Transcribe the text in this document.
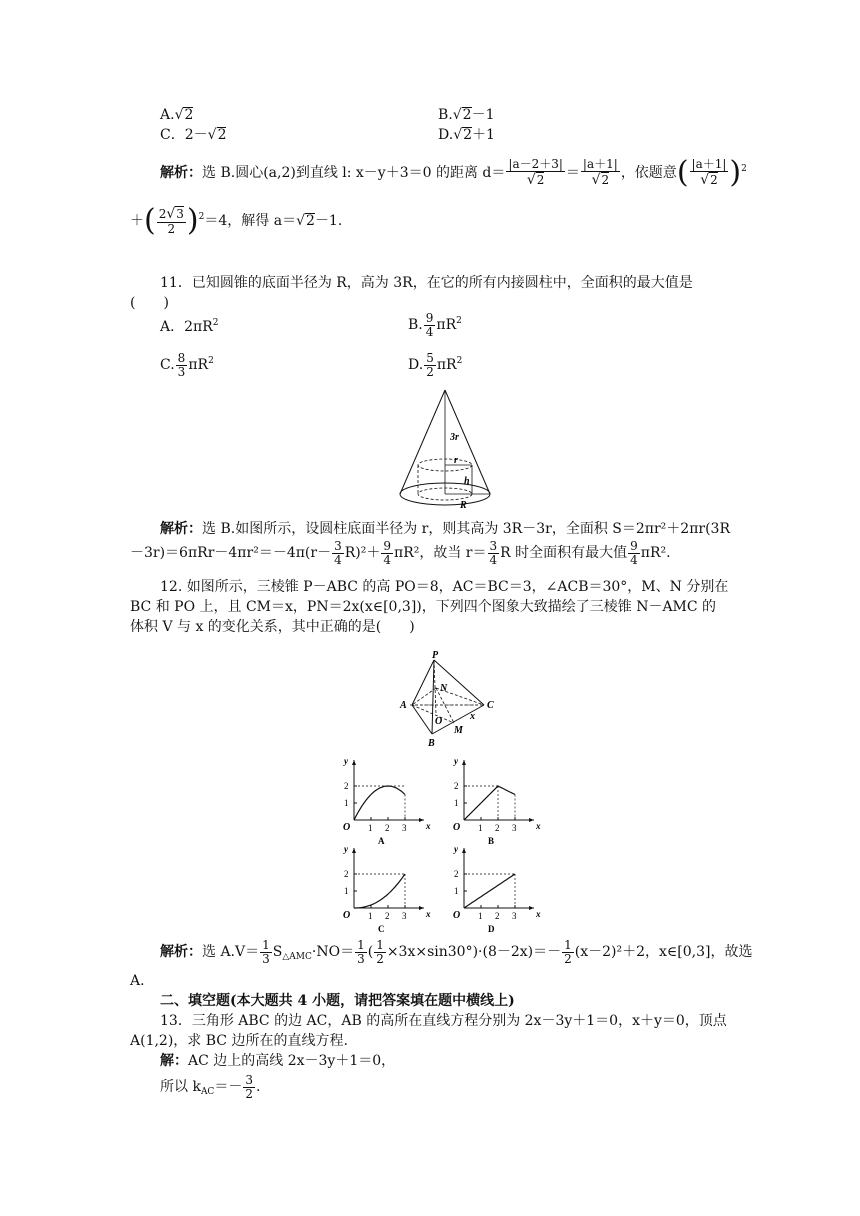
A.√2	B.√2－1
C．2－√2	D.√2＋1
解析：选 B.圆心(a,2)到直线 l: x－y＋3＝0 的距离 $d= \frac{|a-2+3|}{√2} = \frac{|a+1|}{√2}$ ，依题意( $\frac{|a+1|}{√2} )^2$
＋( $\frac{2√3}{2} )^2=4$，解得 a＝√2－1.
11．已知圆锥的底面半径为 R，高为 3R，在它的所有内接圆柱中，全面积的最大值是
(　　)
A．$2\pi R^2$	B. $\frac{9}{4} \pi R^2$
C. $\frac{8}{3} \pi R^2$	D. $\frac{5}{2} \pi R^2$
3r
r
h
R
解析：选 B.如图所示，设圆柱底面半径为 r，则其高为 3R－3r，全面积 S＝2πr²＋2πr(3R
$-3r)=6\pi Rr-4\pi r^2=-4\pi(r- \frac{3}{4} R)^2+ \frac{9}{4} \pi R^2$，故当 $r= \frac{3}{4}$ R 时全面积有最大值 $\frac{9}{4} \pi R^2$.
12. 如图所示，三棱锥 P－ABC 的高 PO＝8，AC＝BC＝3，∠ACB＝30°，M、N 分别在
BC 和 PO 上，且 CM＝x，PN＝2x(x∈[0,3])，下列四个图象大致描绘了三棱锥 N－AMC 的
体积 V 与 x 的变化关系，其中正确的是(　　)
P
N
A	C
O
M
x
B
y
x
O 1 2 3
1
2
A
y
x
O 1 2 3
1
2
B
y
x
O 1 2 3
1
2
C
y
x
O 1 2 3
1
2
D
解析：选 $A.V= \frac{1}{3} S_{\triangle AMC}\cdot NO= \frac{1}{3}$ ( $\frac{1}{2} \times 3x\times\sin 30^\circ)\cdot(8-2x)=- \frac{1}{2} (x-2)^2+2$，x∈[0,3]，故选
A.
二、填空题(本大题共 4 小题，请把答案填在题中横线上)
13．三角形 ABC 的边 AC，AB 的高所在直线方程分别为 2x－3y＋1＝0，x＋y＝0，顶点
A(1,2)，求 BC 边所在的直线方程.
解：AC 边上的高线 2x－3y＋1＝0，
所以 $k_{AC}=- \frac{3}{2}$ .
